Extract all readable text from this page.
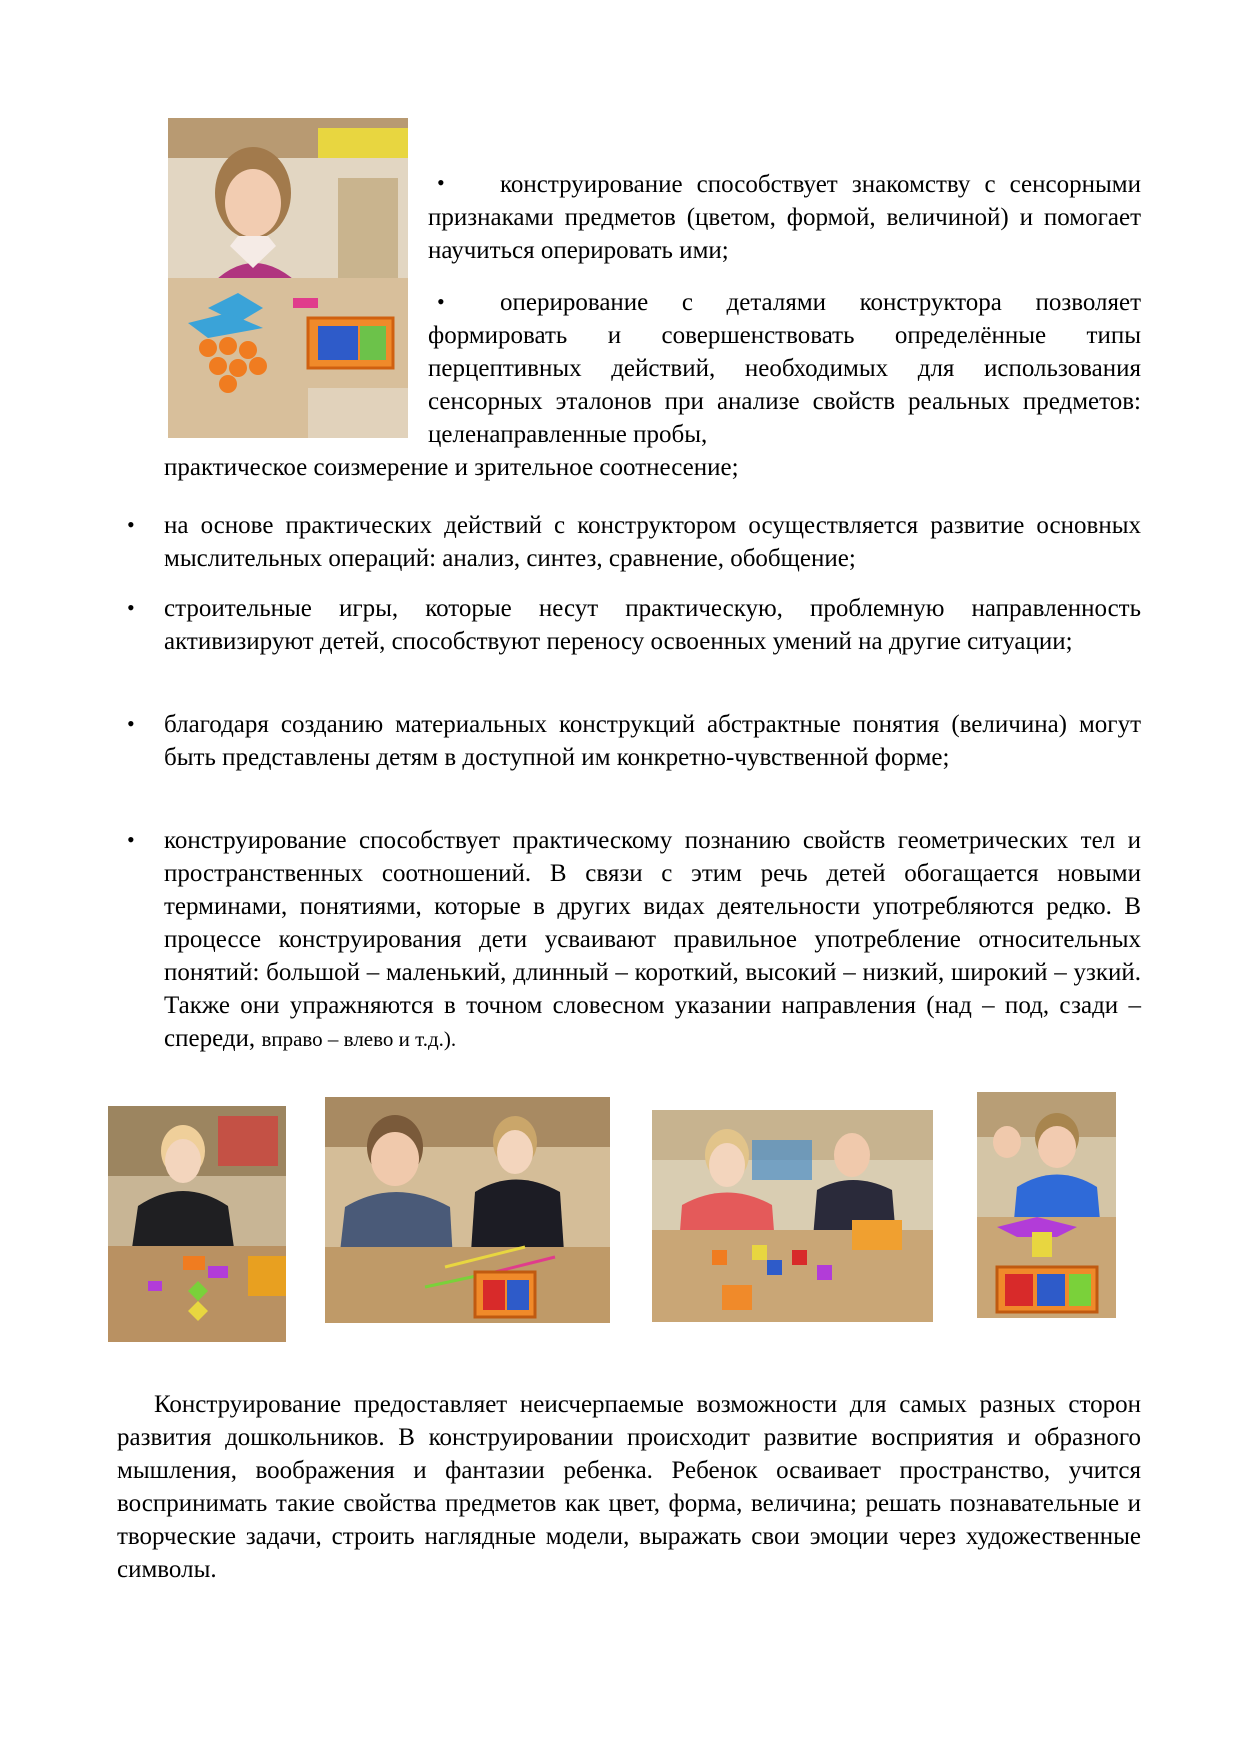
•	конструирование способствует знакомству с сенсорными признаками предметов (цветом, формой, величиной) и помогает научиться оперировать ими;
•	оперирование с деталями конструктора позволяет формировать и совершенствовать определённые типы перцептивных действий, необходимых для использования сенсорных эталонов при анализе свойств реальных предметов: целенаправленные пробы,
практическое соизмерение и зрительное соотнесение;
• на основе практических действий с конструктором осуществляется развитие основных мыслительных операций: анализ, синтез, сравнение, обобщение;
• строительные игры, которые несут практическую, проблемную направленность активизируют детей, способствуют переносу освоенных умений на другие ситуации;
• благодаря созданию материальных конструкций абстрактные понятия (величина) могут быть представлены детям в доступной им конкретно-чувственной форме;
• конструирование способствует практическому познанию свойств геометрических тел и пространственных соотношений. В связи с этим речь детей обогащается новыми терминами, понятиями, которые в других видах деятельности употребляются редко. В процессе конструирования дети усваивают правильное употребление относительных понятий: большой – маленький, длинный – короткий, высокий – низкий, широкий – узкий. Также они упражняются в точном словесном указании направления (над – под, сзади – спереди, вправо – влево и т.д.).
Конструирование предоставляет неисчерпаемые возможности для самых разных сторон развития дошкольников. В конструировании происходит развитие восприятия и образного мышления, воображения и фантазии ребенка. Ребенок осваивает пространство, учится воспринимать такие свойства предметов как цвет, форма, величина; решать познавательные и творческие задачи, строить наглядные модели, выражать свои эмоции через художественные символы.
